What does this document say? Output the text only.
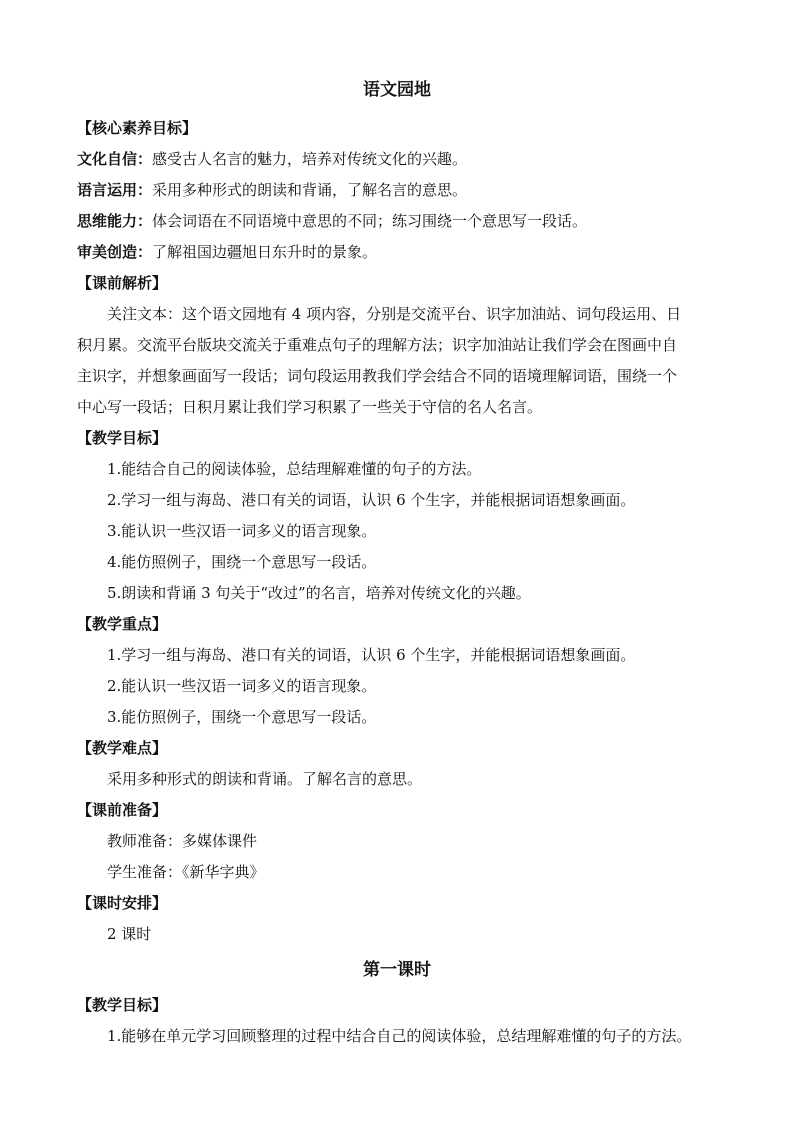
语文园地
【核心素养目标】
文化自信：感受古人名言的魅力，培养对传统文化的兴趣。
语言运用：采用多种形式的朗读和背诵，了解名言的意思。
思维能力：体会词语在不同语境中意思的不同；练习围绕一个意思写一段话。
审美创造：了解祖国边疆旭日东升时的景象。
【课前解析】
关注文本：这个语文园地有 4 项内容，分别是交流平台、识字加油站、词句段运用、日
积月累。交流平台版块交流关于重难点句子的理解方法；识字加油站让我们学会在图画中自
主识字，并想象画面写一段话；词句段运用教我们学会结合不同的语境理解词语，围绕一个
中心写一段话；日积月累让我们学习积累了一些关于守信的名人名言。
【教学目标】
1.能结合自己的阅读体验，总结理解难懂的句子的方法。
2.学习一组与海岛、港口有关的词语，认识 6 个生字，并能根据词语想象画面。
3.能认识一些汉语一词多义的语言现象。
4.能仿照例子，围绕一个意思写一段话。
5.朗读和背诵 3 句关于“改过”的名言，培养对传统文化的兴趣。
【教学重点】
1.学习一组与海岛、港口有关的词语，认识 6 个生字，并能根据词语想象画面。
2.能认识一些汉语一词多义的语言现象。
3.能仿照例子，围绕一个意思写一段话。
【教学难点】
采用多种形式的朗读和背诵。了解名言的意思。
【课前准备】
教师准备：多媒体课件
学生准备：《新华字典》
【课时安排】
2 课时
第一课时
【教学目标】
1.能够在单元学习回顾整理的过程中结合自己的阅读体验，总结理解难懂的句子的方法。
